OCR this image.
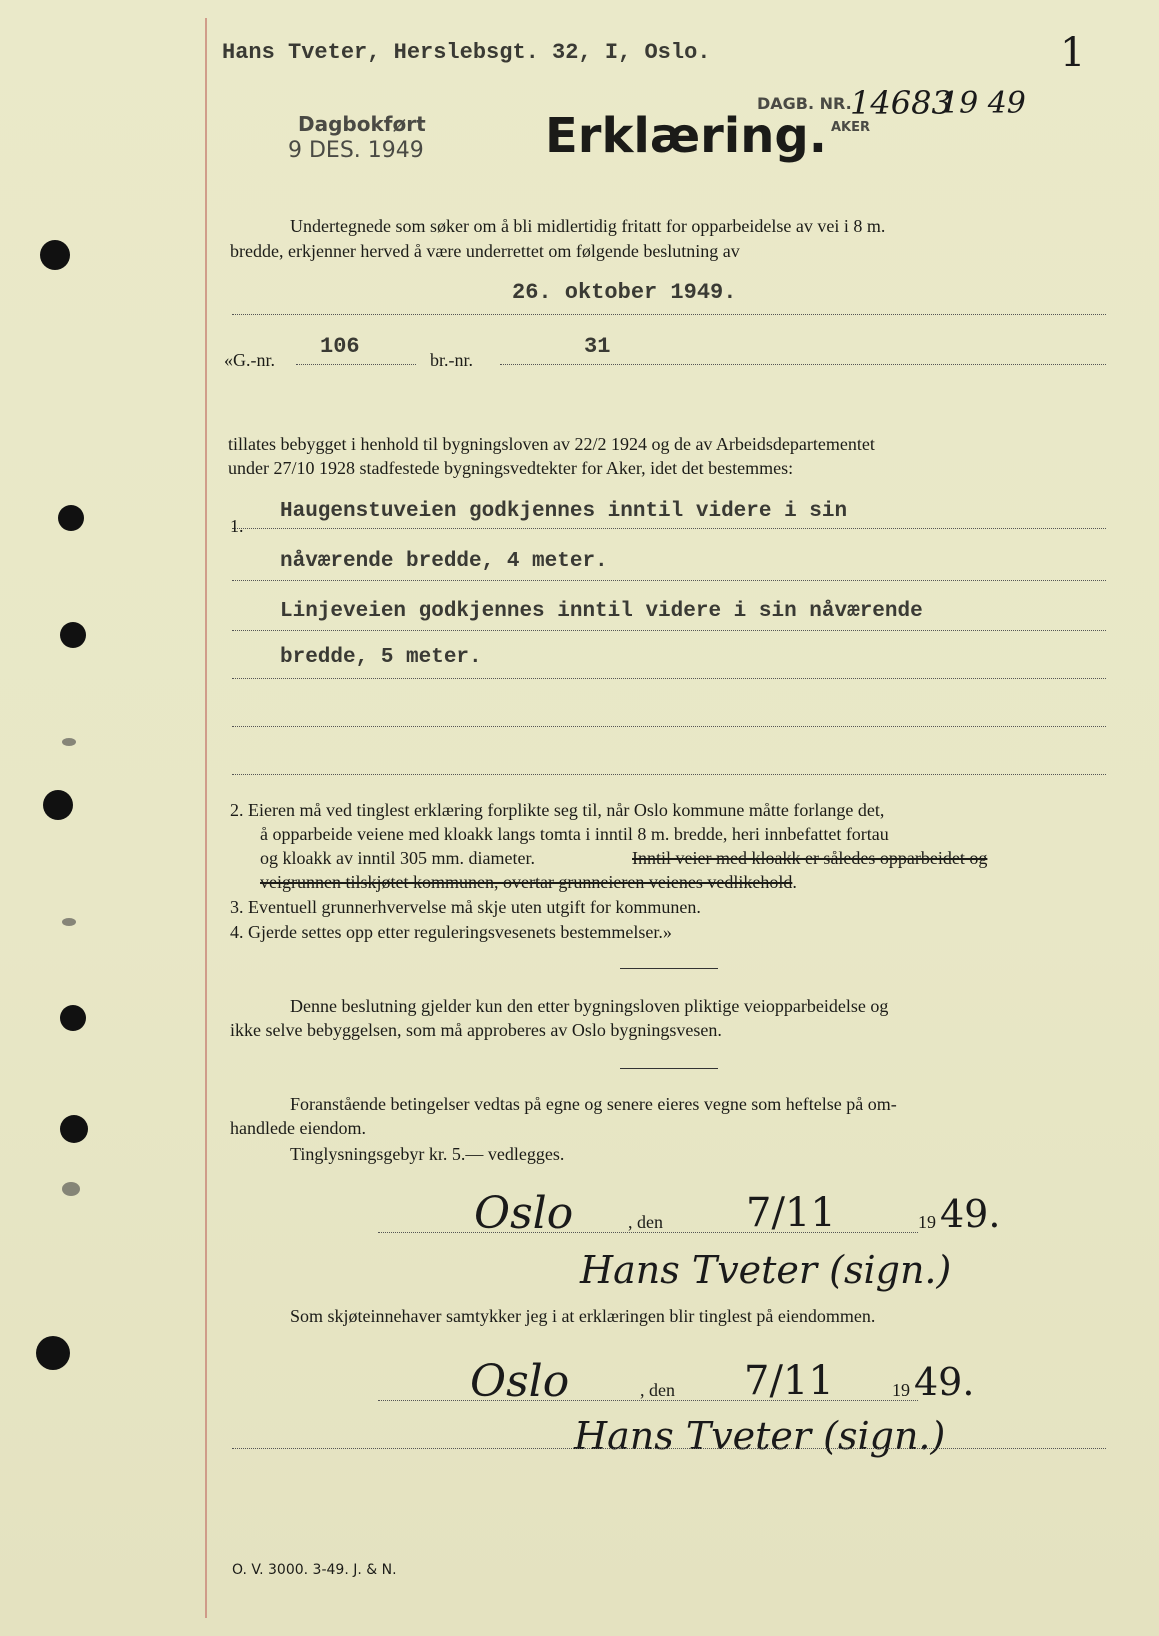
Hans Tveter, Herslebsgt. 32, I, Oslo.	1
Dagbokført
9 DES. 1949	Erklæring.
DAGB. NR.
AKER
14683
19 49
Undertegnede som søker om å bli midlertidig fritatt for opparbeidelse av vei i 8 m.
bredde, erkjenner herved å være underrettet om følgende beslutning av
26. oktober 1949.
«G.-nr.
106
br.-nr.
31
tillates bebygget i henhold til bygningsloven av 22/2 1924 og de av Arbeidsdepartementet
under 27/10 1928 stadfestede bygningsvedtekter for Aker, idet det bestemmes:
1.
Haugenstuveien godkjennes inntil videre i sin
nåværende bredde, 4 meter.
Linjeveien godkjennes inntil videre i sin nåværende
bredde, 5 meter.
2. Eieren må ved tinglest erklæring forplikte seg til, når Oslo kommune måtte forlange det,
å opparbeide veiene med kloakk langs tomta i inntil 8 m. bredde, heri innbefattet fortau
og kloakk av inntil 305 mm. diameter.	Inntil veier med kloakk er således opparbeidet og
veigrunnen tilskjøtet kommunen, overtar grunneieren veienes vedlikehold.
3. Eventuell grunnerhvervelse må skje uten utgift for kommunen.
4. Gjerde settes opp etter reguleringsvesenets bestemmelser.»
Denne beslutning gjelder kun den etter bygningsloven pliktige veiopparbeidelse og
ikke selve bebyggelsen, som må approberes av Oslo bygningsvesen.
Foranstående betingelser vedtas på egne og senere eieres vegne som heftelse på om-
handlede eiendom.
Tinglysningsgebyr kr. 5.— vedlegges.
Oslo	, den 7/11	19 49.
Hans Tveter (sign.)
Som skjøteinnehaver samtykker jeg i at erklæringen blir tinglest på eiendommen.
Oslo	, den 7/11	19 49.
Hans Tveter (sign.)
O. V. 3000. 3-49. J. & N.
